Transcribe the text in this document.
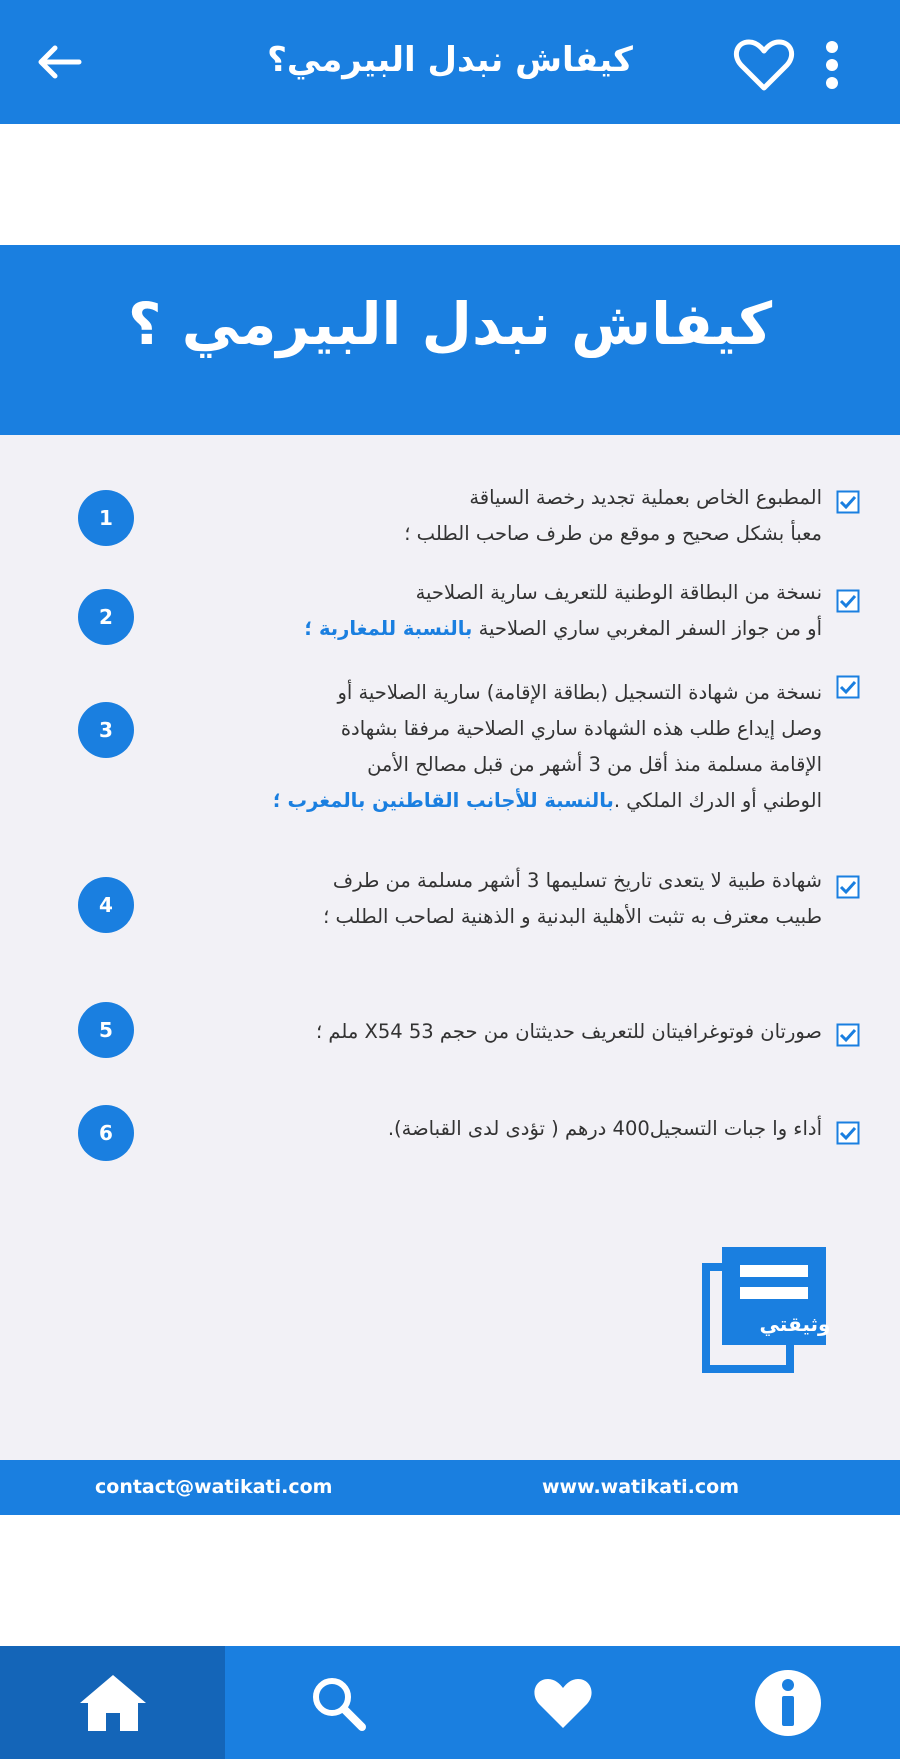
كيفاش نبدل البيرمي؟
كيفاش نبدل البيرمي ؟
1
المطبوع الخاص بعملية تجديد رخصة السياقة
معبأ بشكل صحيح و موقع من طرف صاحب الطلب ؛
2
نسخة من البطاقة الوطنية للتعريف سارية الصلاحية
أو من جواز السفر المغربي ساري الصلاحية بالنسبة للمغاربة ؛
3
نسخة من شهادة التسجيل (بطاقة الإقامة) سارية الصلاحية أو
وصل إيداع طلب هذه الشهادة ساري الصلاحية مرفقا بشهادة
الإقامة مسلمة منذ أقل من 3 أشهر من قبل مصالح الأمن
الوطني أو الدرك الملكي .بالنسبة للأجانب القاطنين بالمغرب ؛
4
شهادة طبية لا يتعدى تاريخ تسليمها 3 أشهر مسلمة من طرف
طبيب معترف به تثبت الأهلية البدنية و الذهنية لصاحب الطلب ؛
5	صورتان فوتوغرافيتان للتعريف حديثتان من حجم 53 X54 ملم ؛
6	أداء وا جبات التسجيل400 درهم ( تؤدى لدى القباضة).
وثيقتي
contact@watikati.com	www.watikati.com
